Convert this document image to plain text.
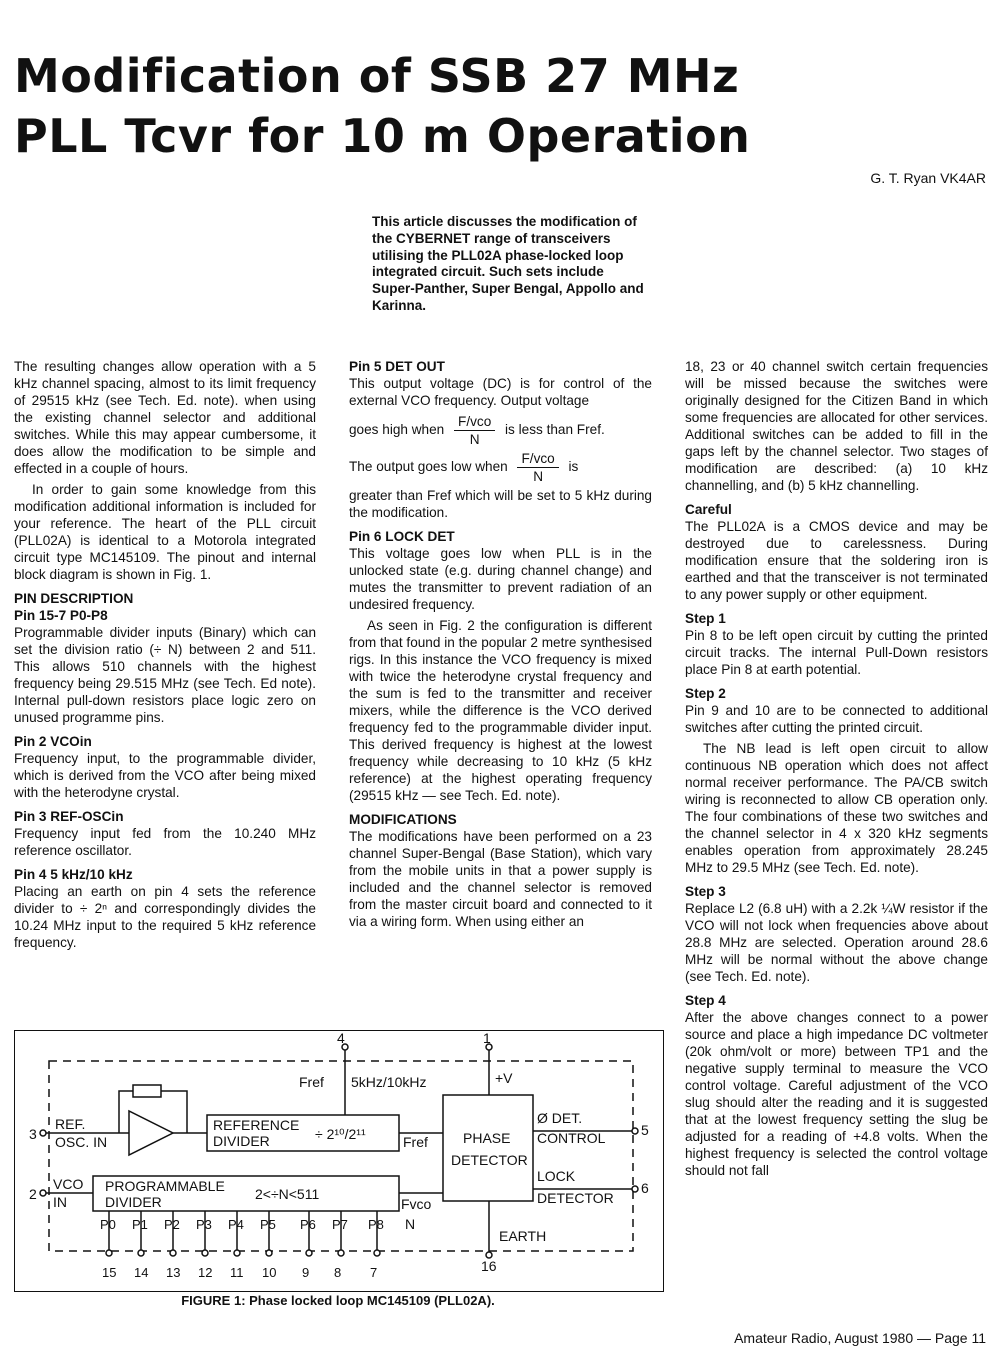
Modification of SSB 27 MHz
PLL Tcvr for 10 m Operation
G. T. Ryan VK4AR
This article discusses the modification of the CYBERNET range of transceivers utilising the PLL02A phase-locked loop integrated circuit. Such sets include Super-Panther, Super Bengal, Appollo and Karinna.

The resulting changes allow operation with a 5 kHz channel spacing, almost to its limit frequency of 29515 kHz (see Tech. Ed. note). when using the existing channel selector and additional switches. While this may appear cumbersome, it does allow the modification to be simple and effected in a couple of hours.

In order to gain some knowledge from this modification additional information is included for your reference. The heart of the PLL circuit (PLL02A) is identical to a Motorola integrated circuit type MC145109. The pinout and internal block diagram is shown in Fig. 1.

PIN DESCRIPTION
Pin 15-7 P0-P8

Programmable divider inputs (Binary) which can set the division ratio (÷ N) between 2 and 511. This allows 510 channels with the highest frequency being 29.515 MHz (see Tech. Ed note). Internal pull-down resistors place logic zero on unused programme pins.

Pin 2 VCOin

Frequency input, to the programmable divider, which is derived from the VCO after being mixed with the heterodyne crystal.

Pin 3 REF-OSCin

Frequency input fed from the 10.240 MHz reference oscillator.

Pin 4 5 kHz/10 kHz

Placing an earth on pin 4 sets the reference divider to ÷ 2ⁿ and correspondingly divides the 10.24 MHz input to the required 5 kHz reference frequency.

Pin 5 DET OUT

This output voltage (DC) is for control of the external VCO frequency. Output voltage

goes high when $\frac{\text{F/vco}}{N}$ is less than Fref.
The output goes low when $\frac{\text{F/vco}}{N}$ is

greater than Fref which will be set to 5 kHz during the modification.

Pin 6 LOCK DET

This voltage goes low when PLL is in the unlocked state (e.g. during channel change) and mutes the transmitter to prevent radiation of an undesired frequency.

As seen in Fig. 2 the configuration is different from that found in the popular 2 metre synthesised rigs. In this instance the VCO frequency is mixed with twice the heterodyne crystal frequency and the sum is fed to the transmitter and receiver mixers, while the difference is the VCO derived frequency fed to the programmable divider input. This derived frequency is highest at the lowest frequency while decreasing to 10 kHz (5 kHz reference) at the highest operating frequency (29515 kHz — see Tech. Ed. note).

MODIFICATIONS

The modifications have been performed on a 23 channel Super-Bengal (Base Station), which vary from the mobile units in that a power supply is included and the channel selector is removed from the master circuit board and connected to it via a wiring form. When using either an

18, 23 or 40 channel switch certain frequencies will be missed because the switches were originally designed for the Citizen Band in which some frequencies are allocated for other services. Additional switches can be added to fill in the gaps left by the channel selector. Two stages of modification are described: (a) 10 kHz channelling, and (b) 5 kHz channelling.

Careful

The PLL02A is a CMOS device and may be destroyed due to carelessness. During modification ensure that the soldering iron is earthed and that the transceiver is not terminated to any power supply or other equipment.

Step 1

Pin 8 to be left open circuit by cutting the printed circuit tracks. The internal Pull-Down resistors place Pin 8 at earth potential.

Step 2

Pin 9 and 10 are to be connected to additional switches after cutting the printed circuit.

The NB lead is left open circuit to allow continuous NB operation which does not affect normal receiver performance. The PA/CB switch wiring is reconnected to allow CB operation only. The four combinations of these two switches and the channel selector in 4 x 320 kHz segments enables operation from approximately 28.245 MHz to 29.5 MHz (see Tech. Ed. note).

Step 3

Replace L2 (6.8 uH) with a 2.2k ¼W resistor if the VCO will not lock when frequencies above about 28.8 MHz are selected. Operation around 28.6 MHz will be normal without the above change (see Tech. Ed. note).

Step 4

After the above changes connect to a power source and place a high impedance DC voltmeter (20k ohm/volt or more) between TP1 and the negative supply terminal to measure the VCO control voltage. Careful adjustment of the VCO slug should alter the reading and it is suggested that at the lowest frequency setting the slug be adjusted for a reading of +4.8 volts. When the highest frequency is selected the control voltage should not fall

4	1
3
2
5
6
16
Fref 5kHz/10kHz	+V
REF.
OSC. IN
REFERENCE
DIVIDER	÷ 2¹⁰/2¹¹	Fref	PHASE
DETECTOR
Ø DET.
CONTROL
LOCK
DETECTOR
VCO
IN
PROGRAMMABLE
DIVIDER	2<÷N<511
Fvco
N
EARTH
P0 P1 P2 P3 P4 P5 P6 P7 P8
15 14 13 12 11 10 9 8 7
FIGURE 1: Phase locked loop MC145109 (PLL02A).
Amateur Radio, August 1980 — Page 11
